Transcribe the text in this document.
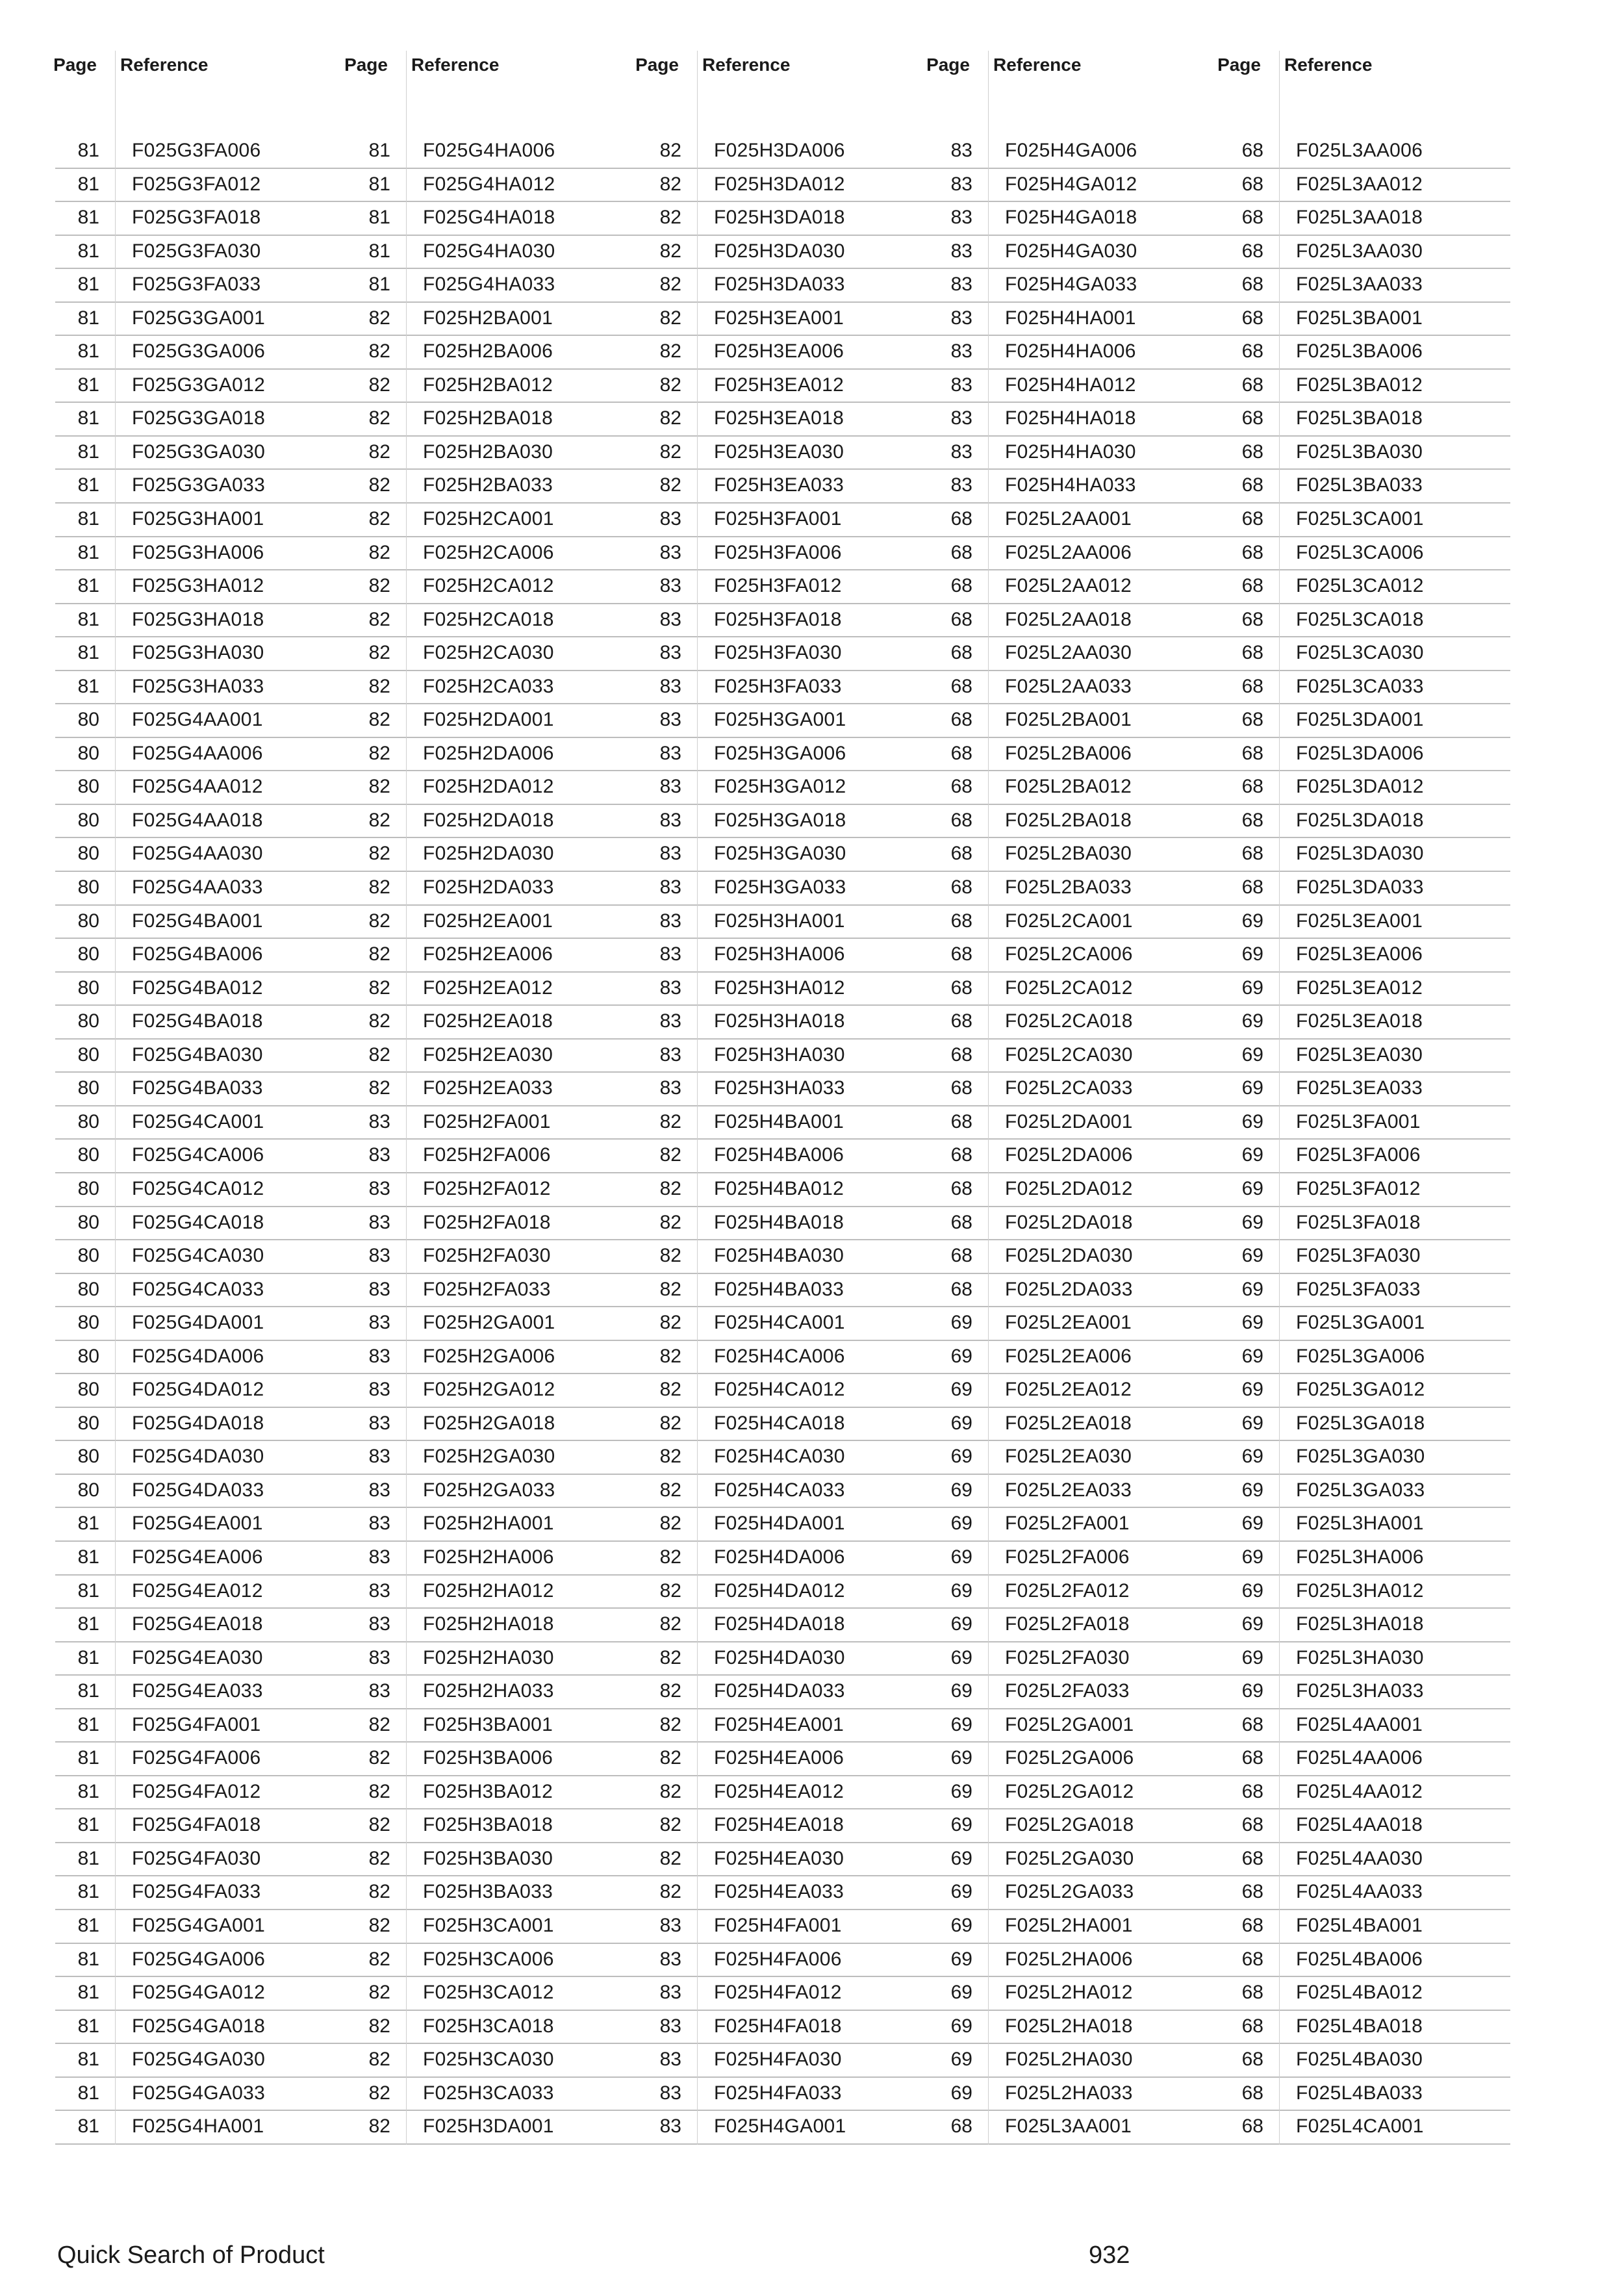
Page Reference	Page Reference	Page Reference	Page Reference	Page Reference
81 F025G3FA006	81 F025G4HA006	82 F025H3DA006	83 F025H4GA006	68 F025L3AA006
81 F025G3FA012	81 F025G4HA012	82 F025H3DA012	83 F025H4GA012	68 F025L3AA012
81 F025G3FA018	81 F025G4HA018	82 F025H3DA018	83 F025H4GA018	68 F025L3AA018
81 F025G3FA030	81 F025G4HA030	82 F025H3DA030	83 F025H4GA030	68 F025L3AA030
81 F025G3FA033	81 F025G4HA033	82 F025H3DA033	83 F025H4GA033	68 F025L3AA033
81 F025G3GA001	82 F025H2BA001	82 F025H3EA001	83 F025H4HA001	68 F025L3BA001
81 F025G3GA006	82 F025H2BA006	82 F025H3EA006	83 F025H4HA006	68 F025L3BA006
81 F025G3GA012	82 F025H2BA012	82 F025H3EA012	83 F025H4HA012	68 F025L3BA012
81 F025G3GA018	82 F025H2BA018	82 F025H3EA018	83 F025H4HA018	68 F025L3BA018
81 F025G3GA030	82 F025H2BA030	82 F025H3EA030	83 F025H4HA030	68 F025L3BA030
81 F025G3GA033	82 F025H2BA033	82 F025H3EA033	83 F025H4HA033	68 F025L3BA033
81 F025G3HA001	82 F025H2CA001	83 F025H3FA001	68 F025L2AA001	68 F025L3CA001
81 F025G3HA006	82 F025H2CA006	83 F025H3FA006	68 F025L2AA006	68 F025L3CA006
81 F025G3HA012	82 F025H2CA012	83 F025H3FA012	68 F025L2AA012	68 F025L3CA012
81 F025G3HA018	82 F025H2CA018	83 F025H3FA018	68 F025L2AA018	68 F025L3CA018
81 F025G3HA030	82 F025H2CA030	83 F025H3FA030	68 F025L2AA030	68 F025L3CA030
81 F025G3HA033	82 F025H2CA033	83 F025H3FA033	68 F025L2AA033	68 F025L3CA033
80 F025G4AA001	82 F025H2DA001	83 F025H3GA001	68 F025L2BA001	68 F025L3DA001
80 F025G4AA006	82 F025H2DA006	83 F025H3GA006	68 F025L2BA006	68 F025L3DA006
80 F025G4AA012	82 F025H2DA012	83 F025H3GA012	68 F025L2BA012	68 F025L3DA012
80 F025G4AA018	82 F025H2DA018	83 F025H3GA018	68 F025L2BA018	68 F025L3DA018
80 F025G4AA030	82 F025H2DA030	83 F025H3GA030	68 F025L2BA030	68 F025L3DA030
80 F025G4AA033	82 F025H2DA033	83 F025H3GA033	68 F025L2BA033	68 F025L3DA033
80 F025G4BA001	82 F025H2EA001	83 F025H3HA001	68 F025L2CA001	69 F025L3EA001
80 F025G4BA006	82 F025H2EA006	83 F025H3HA006	68 F025L2CA006	69 F025L3EA006
80 F025G4BA012	82 F025H2EA012	83 F025H3HA012	68 F025L2CA012	69 F025L3EA012
80 F025G4BA018	82 F025H2EA018	83 F025H3HA018	68 F025L2CA018	69 F025L3EA018
80 F025G4BA030	82 F025H2EA030	83 F025H3HA030	68 F025L2CA030	69 F025L3EA030
80 F025G4BA033	82 F025H2EA033	83 F025H3HA033	68 F025L2CA033	69 F025L3EA033
80 F025G4CA001	83 F025H2FA001	82 F025H4BA001	68 F025L2DA001	69 F025L3FA001
80 F025G4CA006	83 F025H2FA006	82 F025H4BA006	68 F025L2DA006	69 F025L3FA006
80 F025G4CA012	83 F025H2FA012	82 F025H4BA012	68 F025L2DA012	69 F025L3FA012
80 F025G4CA018	83 F025H2FA018	82 F025H4BA018	68 F025L2DA018	69 F025L3FA018
80 F025G4CA030	83 F025H2FA030	82 F025H4BA030	68 F025L2DA030	69 F025L3FA030
80 F025G4CA033	83 F025H2FA033	82 F025H4BA033	68 F025L2DA033	69 F025L3FA033
80 F025G4DA001	83 F025H2GA001	82 F025H4CA001	69 F025L2EA001	69 F025L3GA001
80 F025G4DA006	83 F025H2GA006	82 F025H4CA006	69 F025L2EA006	69 F025L3GA006
80 F025G4DA012	83 F025H2GA012	82 F025H4CA012	69 F025L2EA012	69 F025L3GA012
80 F025G4DA018	83 F025H2GA018	82 F025H4CA018	69 F025L2EA018	69 F025L3GA018
80 F025G4DA030	83 F025H2GA030	82 F025H4CA030	69 F025L2EA030	69 F025L3GA030
80 F025G4DA033	83 F025H2GA033	82 F025H4CA033	69 F025L2EA033	69 F025L3GA033
81 F025G4EA001	83 F025H2HA001	82 F025H4DA001	69 F025L2FA001	69 F025L3HA001
81 F025G4EA006	83 F025H2HA006	82 F025H4DA006	69 F025L2FA006	69 F025L3HA006
81 F025G4EA012	83 F025H2HA012	82 F025H4DA012	69 F025L2FA012	69 F025L3HA012
81 F025G4EA018	83 F025H2HA018	82 F025H4DA018	69 F025L2FA018	69 F025L3HA018
81 F025G4EA030	83 F025H2HA030	82 F025H4DA030	69 F025L2FA030	69 F025L3HA030
81 F025G4EA033	83 F025H2HA033	82 F025H4DA033	69 F025L2FA033	69 F025L3HA033
81 F025G4FA001	82 F025H3BA001	82 F025H4EA001	69 F025L2GA001	68 F025L4AA001
81 F025G4FA006	82 F025H3BA006	82 F025H4EA006	69 F025L2GA006	68 F025L4AA006
81 F025G4FA012	82 F025H3BA012	82 F025H4EA012	69 F025L2GA012	68 F025L4AA012
81 F025G4FA018	82 F025H3BA018	82 F025H4EA018	69 F025L2GA018	68 F025L4AA018
81 F025G4FA030	82 F025H3BA030	82 F025H4EA030	69 F025L2GA030	68 F025L4AA030
81 F025G4FA033	82 F025H3BA033	82 F025H4EA033	69 F025L2GA033	68 F025L4AA033
81 F025G4GA001	82 F025H3CA001	83 F025H4FA001	69 F025L2HA001	68 F025L4BA001
81 F025G4GA006	82 F025H3CA006	83 F025H4FA006	69 F025L2HA006	68 F025L4BA006
81 F025G4GA012	82 F025H3CA012	83 F025H4FA012	69 F025L2HA012	68 F025L4BA012
81 F025G4GA018	82 F025H3CA018	83 F025H4FA018	69 F025L2HA018	68 F025L4BA018
81 F025G4GA030	82 F025H3CA030	83 F025H4FA030	69 F025L2HA030	68 F025L4BA030
81 F025G4GA033	82 F025H3CA033	83 F025H4FA033	69 F025L2HA033	68 F025L4BA033
81 F025G4HA001	82 F025H3DA001	83 F025H4GA001	68 F025L3AA001	68 F025L4CA001
Quick Search of Product	932
